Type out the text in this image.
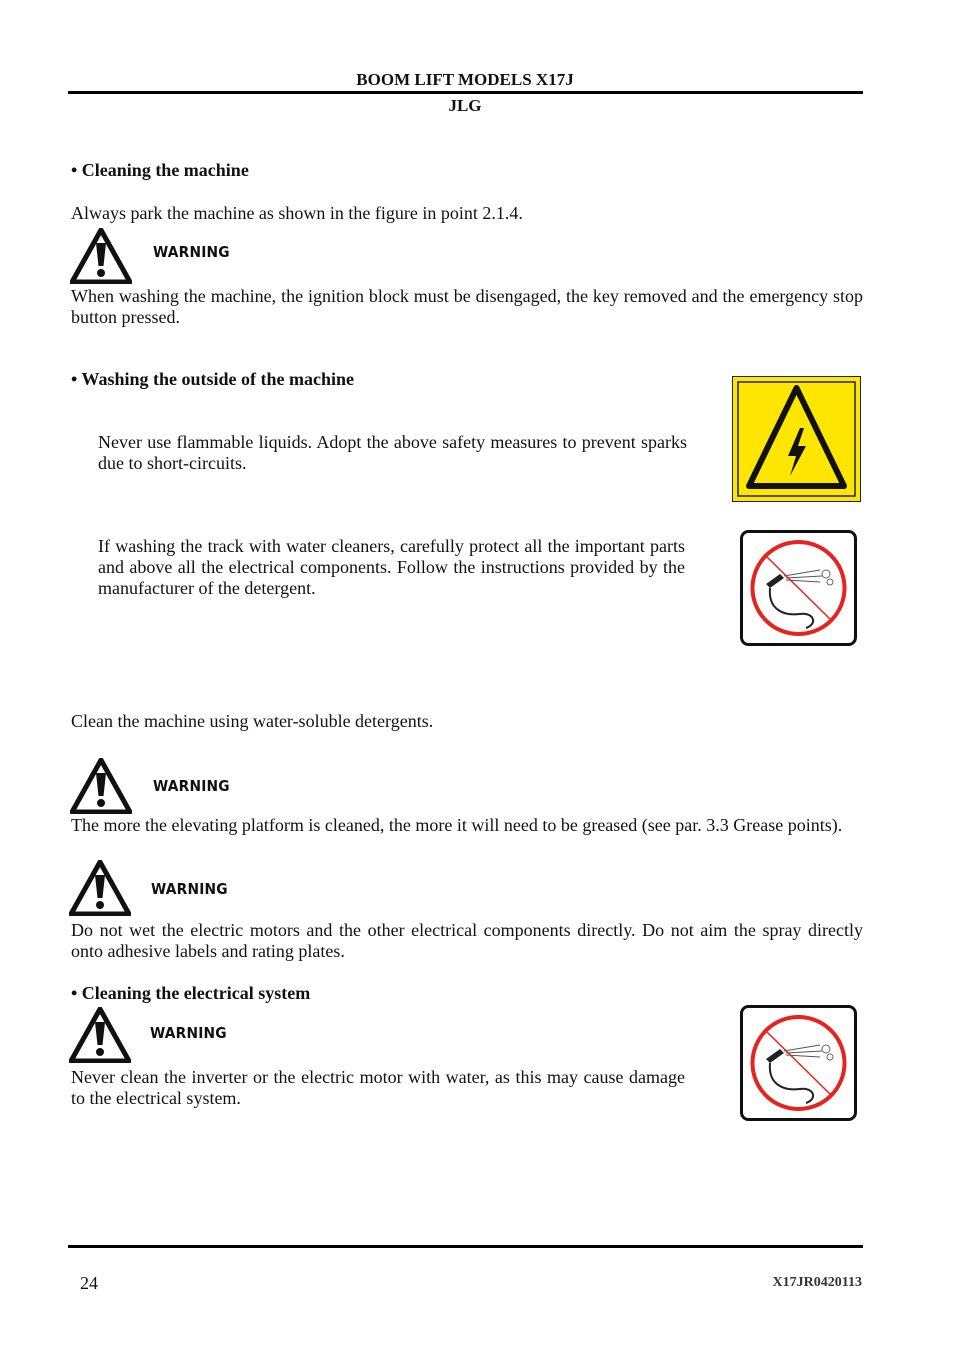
BOOM LIFT MODELS X17J
JLG
• Cleaning the machine
Always park the machine as shown in the figure in point 2.1.4.
WARNING
When washing the machine, the ignition block must be disengaged, the key removed and the emergency stop button pressed.
• Washing the outside of the machine
Never use flammable liquids. Adopt the above safety measures to prevent sparks due to short-circuits.
If washing the track with water cleaners, carefully protect all the important parts and above all the electrical components. Follow the instructions provided by the manufacturer of the detergent.
Clean the machine using water-soluble detergents.
WARNING
The more the elevating platform is cleaned, the more it will need to be greased (see par. 3.3 Grease points).
WARNING
Do not wet the electric motors and the other electrical components directly. Do not aim the spray directly onto adhesive labels and rating plates.
• Cleaning the electrical system
WARNING
Never clean the inverter or the electric motor with water, as this may cause damage to the electrical system.
24	X17JR0420113
